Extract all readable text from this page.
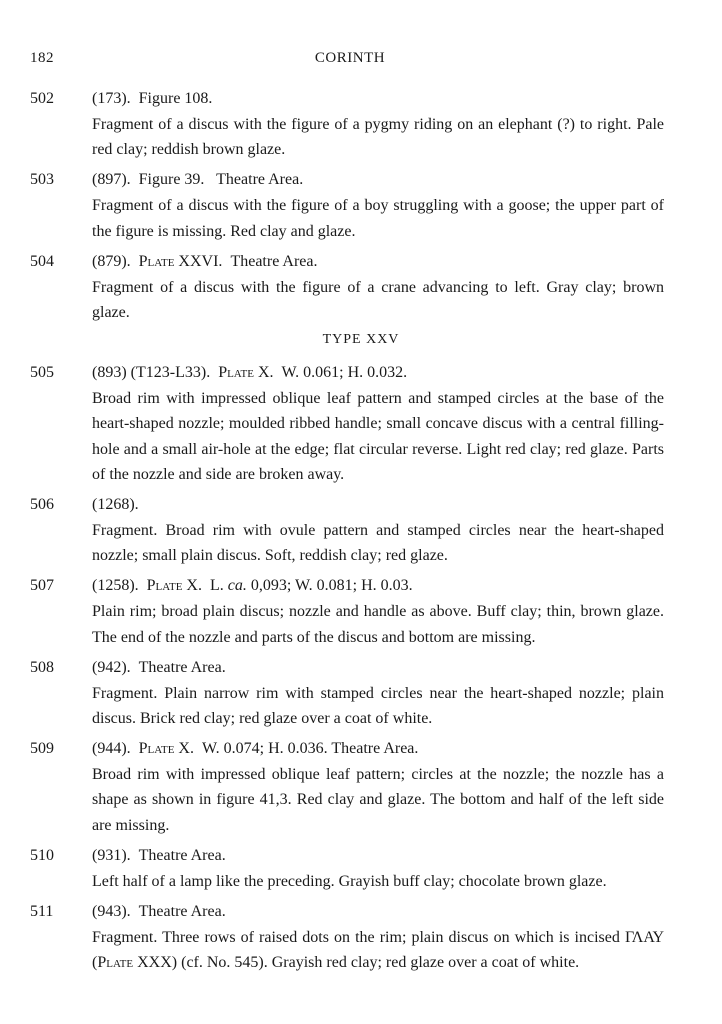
182	CORINTH
502 (173). Figure 108.
Fragment of a discus with the figure of a pygmy riding on an elephant (?) to right. Pale red clay; reddish brown glaze.
503 (897). Figure 39.   Theatre Area.
Fragment of a discus with the figure of a boy struggling with a goose; the upper part of the figure is missing. Red clay and glaze.
504 (879). Plate XXVI. Theatre Area.
Fragment of a discus with the figure of a crane advancing to left. Gray clay; brown glaze.
TYPE XXV
505 (893) (T123-L33). Plate X. W. 0.061; H. 0.032.
Broad rim with impressed oblique leaf pattern and stamped circles at the base of the heart-shaped nozzle; moulded ribbed handle; small concave discus with a central filling-hole and a small air-hole at the edge; flat circular reverse. Light red clay; red glaze. Parts of the nozzle and side are broken away.
506 (1268).
Fragment. Broad rim with ovule pattern and stamped circles near the heart-shaped nozzle; small plain discus. Soft, reddish clay; red glaze.
507 (1258). Plate X. L. ca. 0,093; W. 0.081; H. 0.03.
Plain rim; broad plain discus; nozzle and handle as above. Buff clay; thin, brown glaze. The end of the nozzle and parts of the discus and bottom are missing.
508 (942). Theatre Area.
Fragment. Plain narrow rim with stamped circles near the heart-shaped nozzle; plain discus. Brick red clay; red glaze over a coat of white.
509 (944). Plate X. W. 0.074; H. 0.036. Theatre Area.
Broad rim with impressed oblique leaf pattern; circles at the nozzle; the nozzle has a shape as shown in figure 41,3. Red clay and glaze. The bottom and half of the left side are missing.
510 (931). Theatre Area.
Left half of a lamp like the preceding. Grayish buff clay; chocolate brown glaze.
511 (943). Theatre Area.
Fragment. Three rows of raised dots on the rim; plain discus on which is incised ΓΛΑΥ (Plate XXX) (cf. No. 545). Grayish red clay; red glaze over a coat of white.
